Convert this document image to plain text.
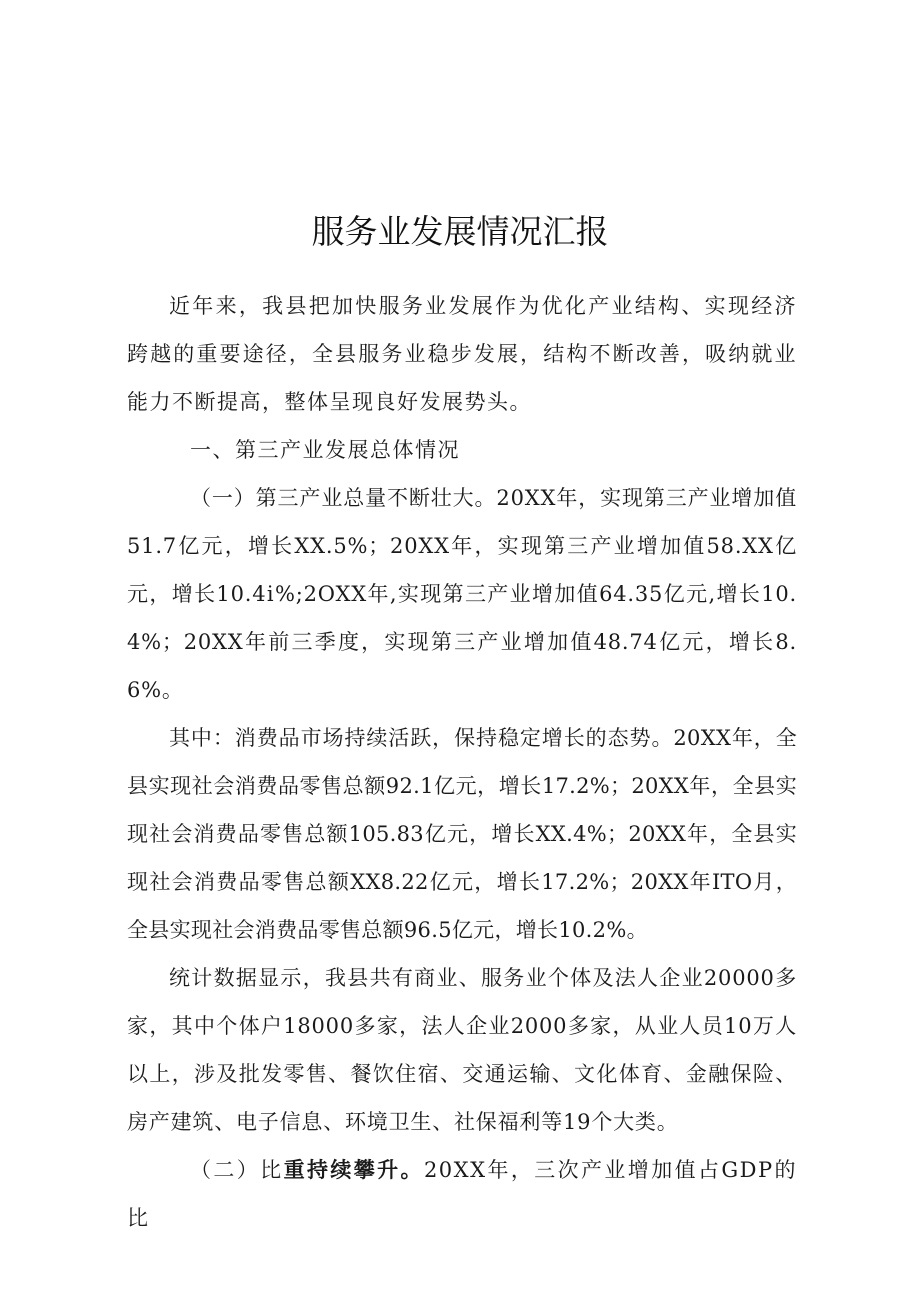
服务业发展情况汇报

近年来，我县把加快服务业发展作为优化产业结构、实现经济跨越的重要途径，全县服务业稳步发展，结构不断改善，吸纳就业能力不断提高，整体呈现良好发展势头。

一、第三产业发展总体情况

（一）第三产业总量不断壮大。20XX年，实现第三产业增加值51.7亿元，增长XX.5%；20XX年，实现第三产业增加值58.XX亿元，增长10.4ⅰ%;2OXX年,实现第三产业增加值64.35亿元,增长10.4%；20XX年前三季度，实现第三产业增加值48.74亿元，增长8.6%。

其中：消费品市场持续活跃，保持稳定增长的态势。20XX年，全县实现社会消费品零售总额92.1亿元，增长17.2%；20XX年，全县实现社会消费品零售总额105.83亿元，增长XX.4%；20XX年，全县实现社会消费品零售总额XX8.22亿元，增长17.2%；20XX年ITO月，全县实现社会消费品零售总额96.5亿元，增长10.2%。

统计数据显示，我县共有商业、服务业个体及法人企业20000多家，其中个体户18000多家，法人企业2000多家，从业人员10万人以上，涉及批发零售、餐饮住宿、交通运输、文化体育、金融保险、房产建筑、电子信息、环境卫生、社保福利等19个大类。

（二）比重持续攀升。20XX年，三次产业增加值占GDP的比
